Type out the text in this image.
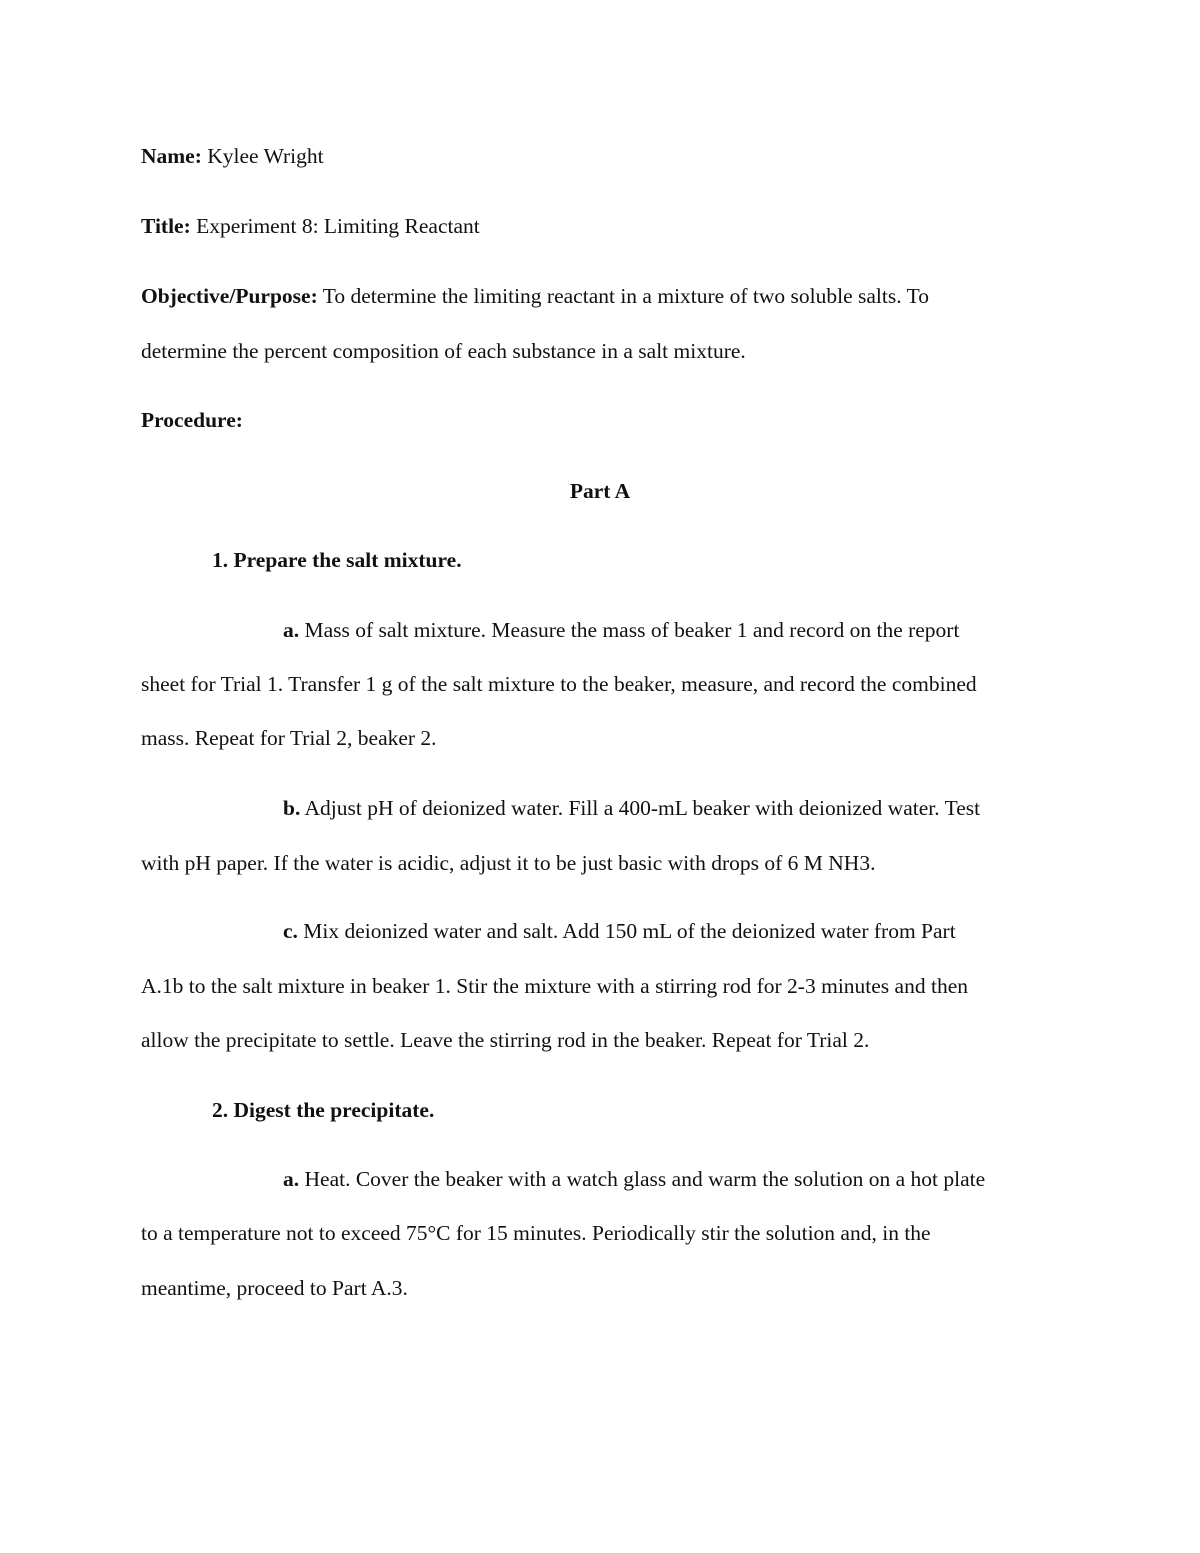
Name: Kylee Wright
Title: Experiment 8: Limiting Reactant
Objective/Purpose: To determine the limiting reactant in a mixture of two soluble salts. To
determine the percent composition of each substance in a salt mixture.
Procedure:
Part A
1. Prepare the salt mixture.
a. Mass of salt mixture. Measure the mass of beaker 1 and record on the report
sheet for Trial 1. Transfer 1 g of the salt mixture to the beaker, measure, and record the combined
mass. Repeat for Trial 2, beaker 2.
b. Adjust pH of deionized water. Fill a 400-mL beaker with deionized water. Test
with pH paper. If the water is acidic, adjust it to be just basic with drops of 6 M NH3.
c. Mix deionized water and salt. Add 150 mL of the deionized water from Part
A.1b to the salt mixture in beaker 1. Stir the mixture with a stirring rod for 2-3 minutes and then
allow the precipitate to settle. Leave the stirring rod in the beaker. Repeat for Trial 2.
2. Digest the precipitate.
a. Heat. Cover the beaker with a watch glass and warm the solution on a hot plate
to a temperature not to exceed 75°C for 15 minutes. Periodically stir the solution and, in the
meantime, proceed to Part A.3.
